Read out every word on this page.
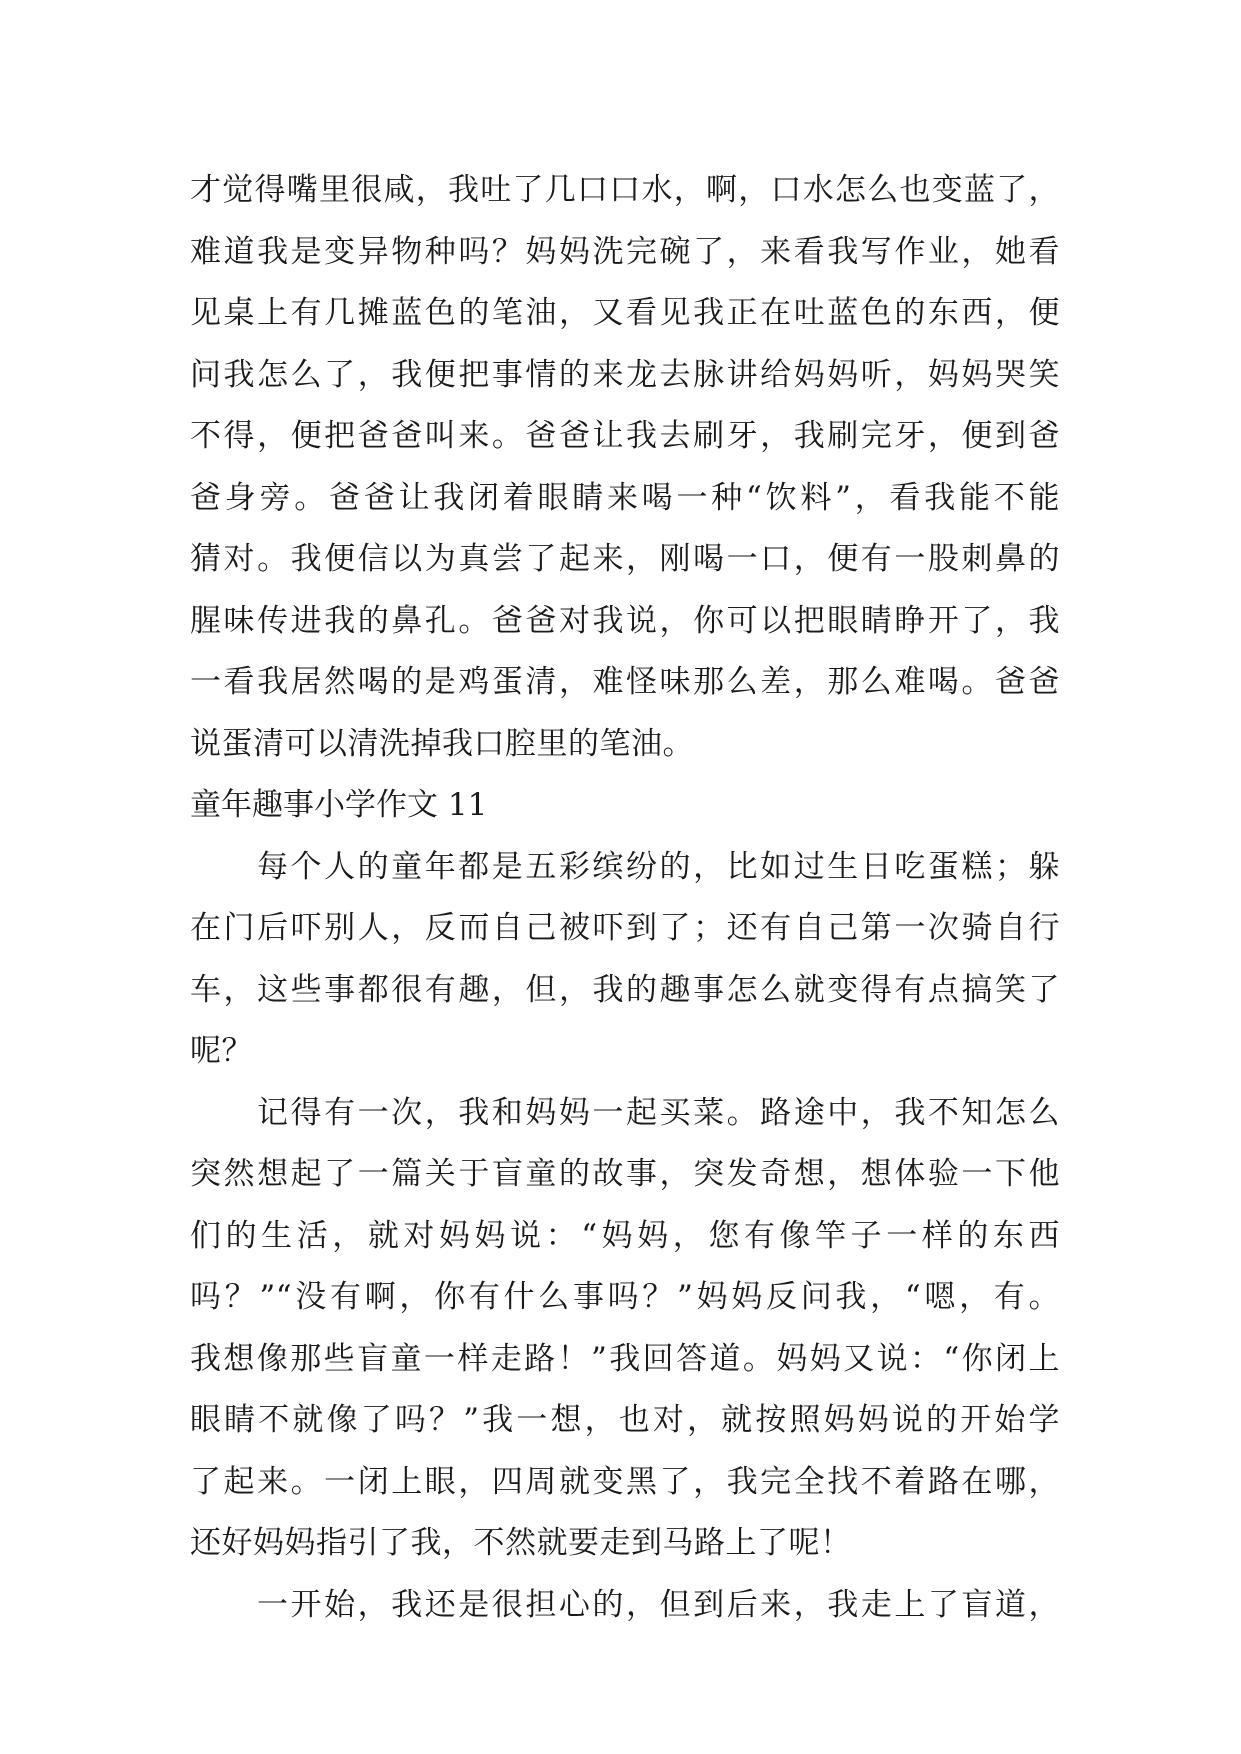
才觉得嘴里很咸，我吐了几口口水，啊，口水怎么也变蓝了，
难道我是变异物种吗？妈妈洗完碗了，来看我写作业，她看
见桌上有几摊蓝色的笔油，又看见我正在吐蓝色的东西，便
问我怎么了，我便把事情的来龙去脉讲给妈妈听，妈妈哭笑
不得，便把爸爸叫来。爸爸让我去刷牙，我刷完牙，便到爸
爸身旁。爸爸让我闭着眼睛来喝一种“饮料”，看我能不能
猜对。我便信以为真尝了起来，刚喝一口，便有一股刺鼻的
腥味传进我的鼻孔。爸爸对我说，你可以把眼睛睁开了，我
一看我居然喝的是鸡蛋清，难怪味那么差，那么难喝。爸爸
说蛋清可以清洗掉我口腔里的笔油。
童年趣事小学作文 11
每个人的童年都是五彩缤纷的，比如过生日吃蛋糕；躲
在门后吓别人，反而自己被吓到了；还有自己第一次骑自行
车，这些事都很有趣，但，我的趣事怎么就变得有点搞笑了
呢？
记得有一次，我和妈妈一起买菜。路途中，我不知怎么
突然想起了一篇关于盲童的故事，突发奇想，想体验一下他
们的生活，就对妈妈说：“妈妈，您有像竿子一样的东西
吗？”“没有啊，你有什么事吗？”妈妈反问我，“嗯，有。
我想像那些盲童一样走路！”我回答道。妈妈又说：“你闭上
眼睛不就像了吗？”我一想，也对，就按照妈妈说的开始学
了起来。一闭上眼，四周就变黑了，我完全找不着路在哪，
还好妈妈指引了我，不然就要走到马路上了呢！
一开始，我还是很担心的，但到后来，我走上了盲道，
